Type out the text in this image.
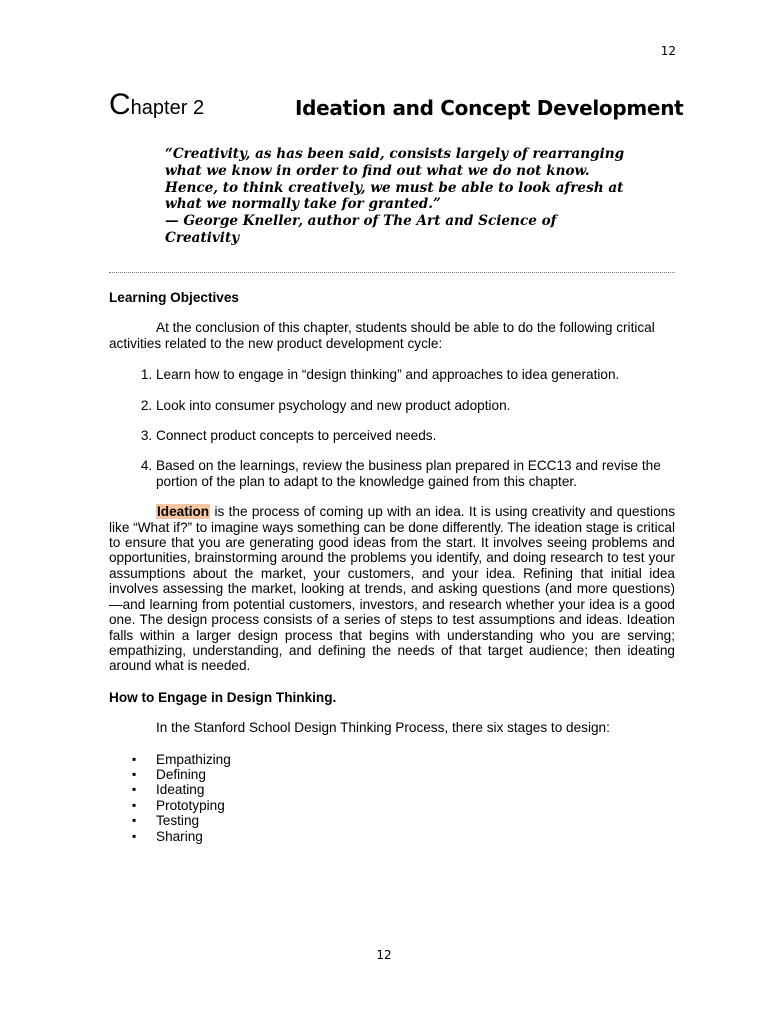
12
Chapter 2	Ideation and Concept Development

“Creativity, as has been said, consists largely of rearranging what we know in order to find out what we do not know. Hence, to think creatively, we must be able to look afresh at what we normally take for granted.”

— George Kneller, author of The Art and Science of Creativity

Learning Objectives

At the conclusion of this chapter, students should be able to do the following critical activities related to the new product development cycle:

1. Learn how to engage in “design thinking” and approaches to idea generation.
2. Look into consumer psychology and new product adoption.
3. Connect product concepts to perceived needs.
4. Based on the learnings, review the business plan prepared in ECC13 and revise the portion of the plan to adapt to the knowledge gained from this chapter.

Ideation is the process of coming up with an idea. It is using creativity and questions like “What if?” to imagine ways something can be done differently. The ideation stage is critical to ensure that you are generating good ideas from the start. It involves seeing problems and opportunities, brainstorming around the problems you identify, and doing research to test your assumptions about the market, your customers, and your idea. Refining that initial idea involves assessing the market, looking at trends, and asking questions (and more questions)—and learning from potential customers, investors, and research whether your idea is a good one. The design process consists of a series of steps to test assumptions and ideas. Ideation falls within a larger design process that begins with understanding who you are serving; empathizing, understanding, and defining the needs of that target audience; then ideating around what is needed.

How to Engage in Design Thinking.

In the Stanford School Design Thinking Process, there six stages to design:

▪ Empathizing
▪ Defining
▪ Ideating
▪ Prototyping
▪ Testing
▪ Sharing
12
